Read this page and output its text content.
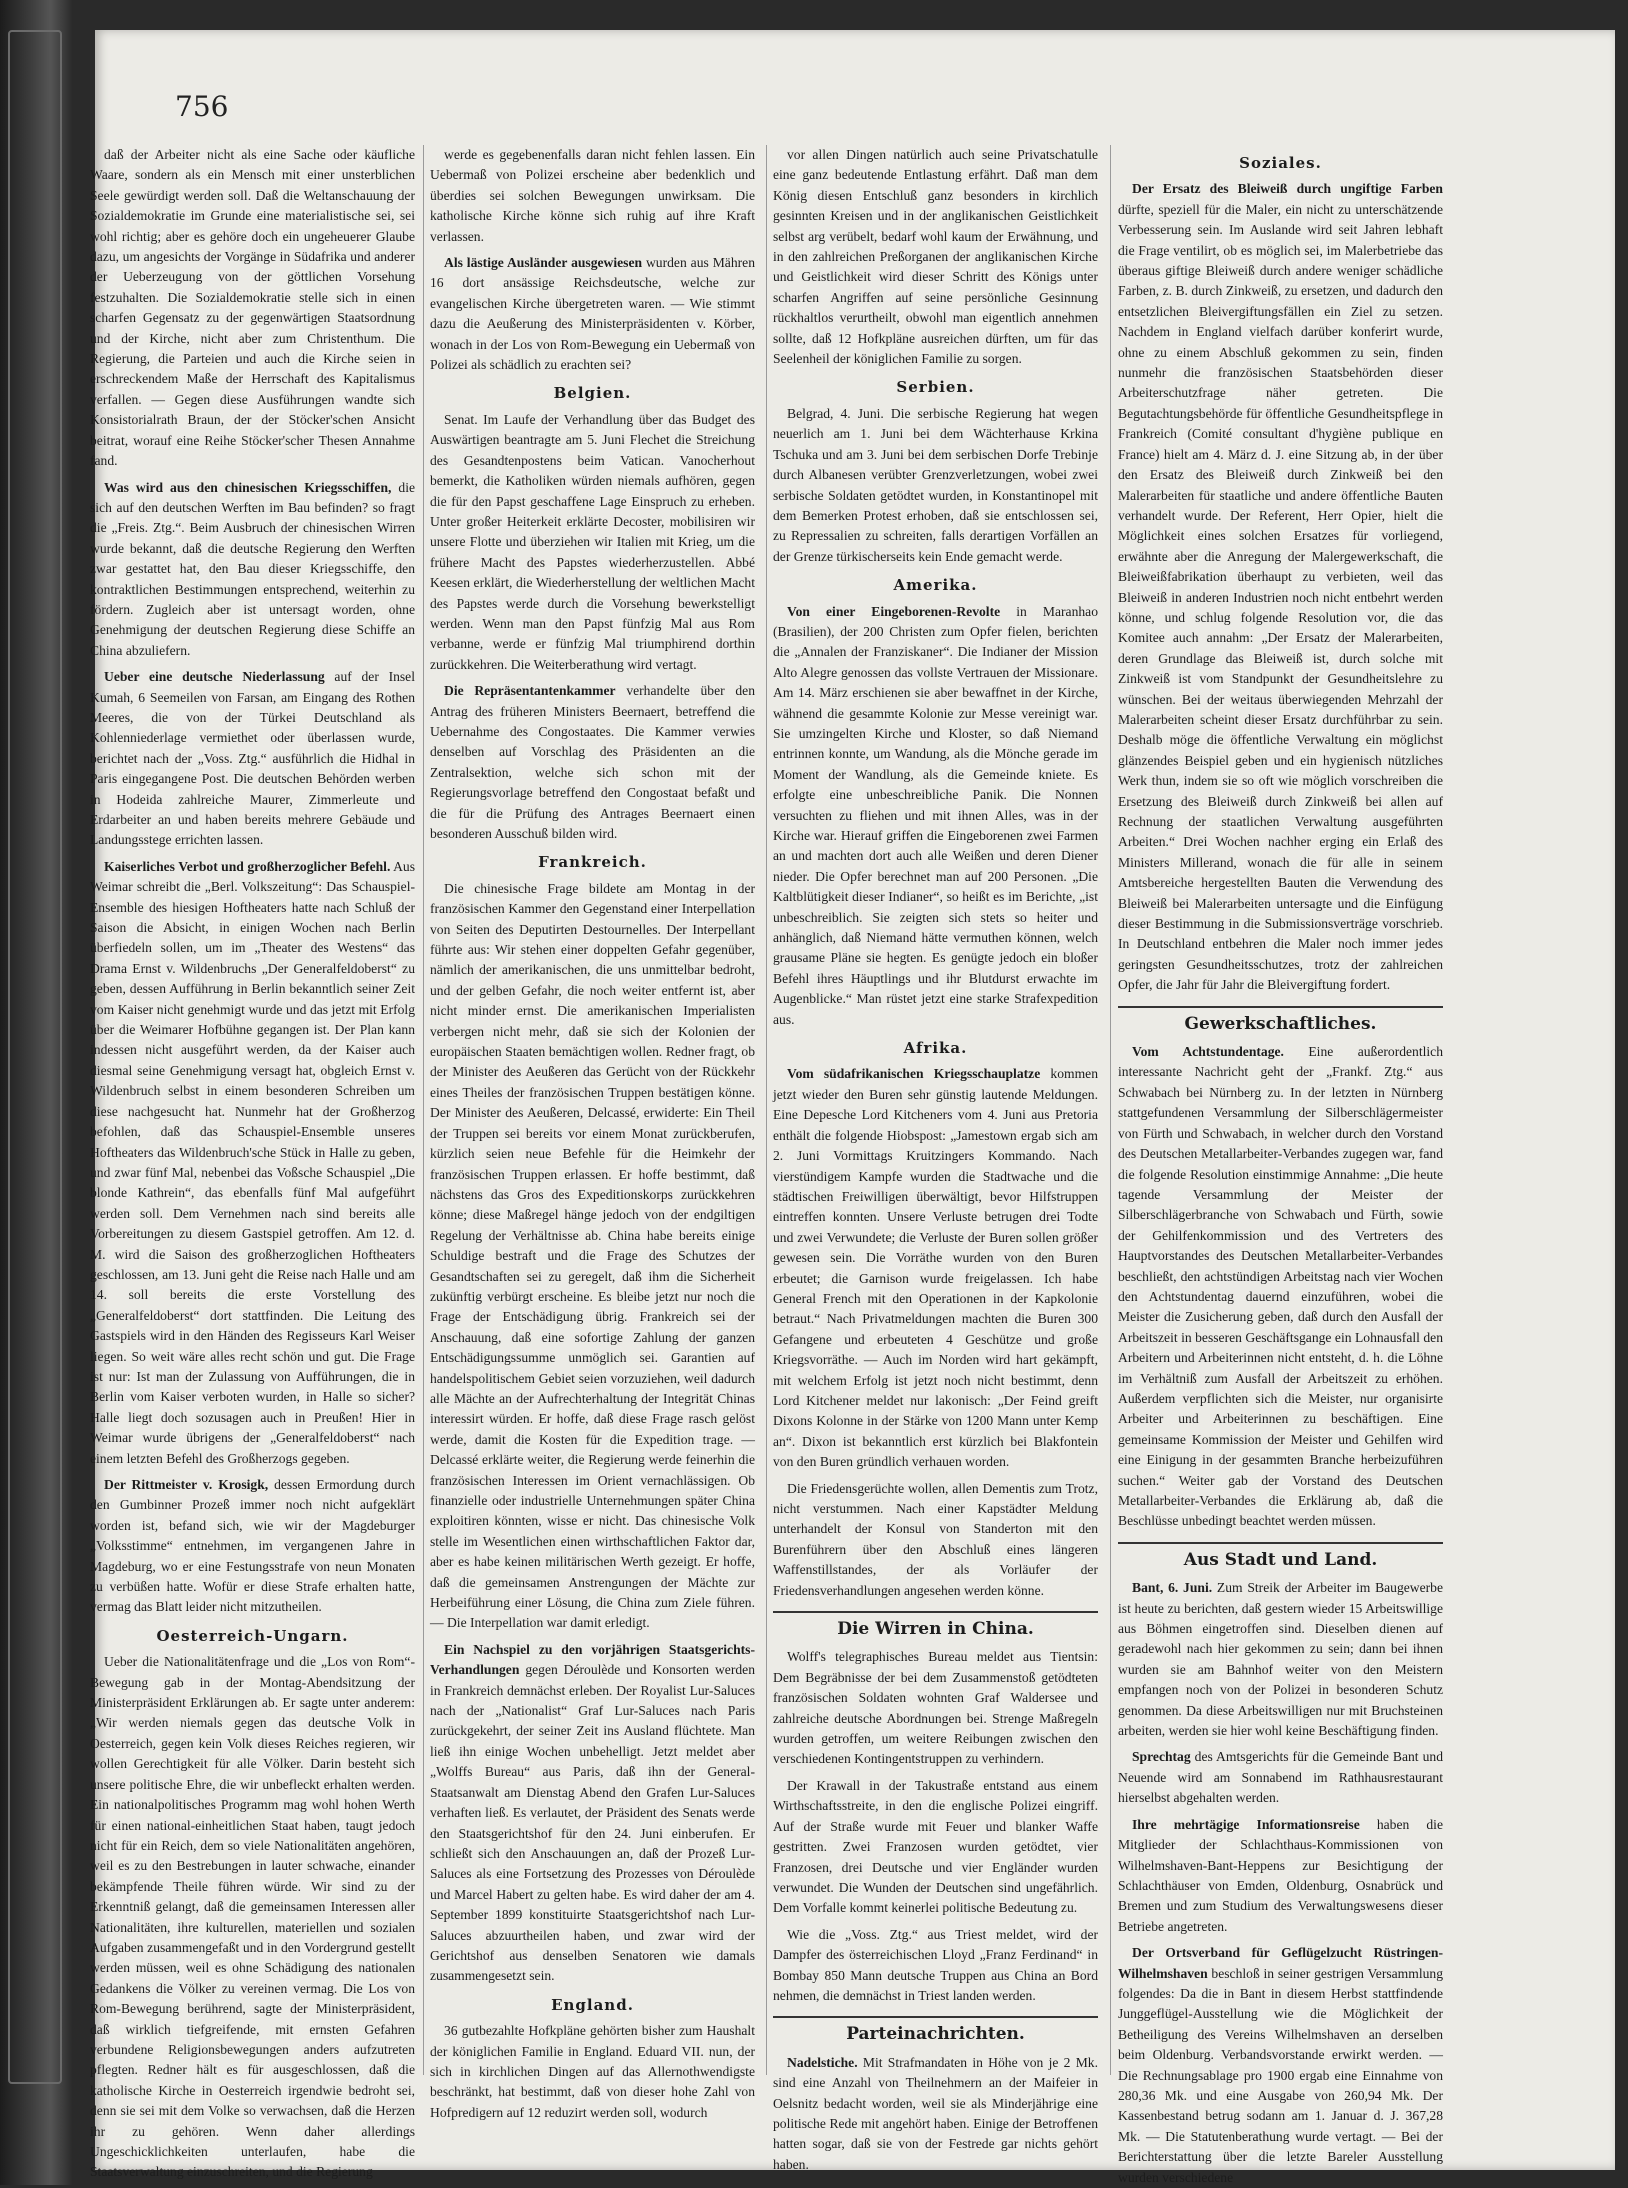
756

daß der Arbeiter nicht als eine Sache oder käufliche Waare, sondern als ein Mensch mit einer unsterblichen Seele gewürdigt werden soll. Daß die Weltanschauung der Sozialdemokratie im Grunde eine materialistische sei, sei wohl richtig; aber es gehöre doch ein ungeheuerer Glaube dazu, um angesichts der Vorgänge in Südafrika und anderer der Ueberzeugung von der göttlichen Vorsehung festzuhalten. Die Sozialdemokratie stelle sich in einen scharfen Gegensatz zu der gegenwärtigen Staatsordnung und der Kirche, nicht aber zum Christenthum. Die Regierung, die Parteien und auch die Kirche seien in erschreckendem Maße der Herrschaft des Kapitalismus verfallen. — Gegen diese Ausführungen wandte sich Konsistorialrath Braun, der der Stöcker'schen Ansicht beitrat, worauf eine Reihe Stöcker'scher Thesen Annahme fand.

Was wird aus den chinesischen Kriegsschiffen, die sich auf den deutschen Werften im Bau befinden? so fragt die „Freis. Ztg.“. Beim Ausbruch der chinesischen Wirren wurde bekannt, daß die deutsche Regierung den Werften zwar gestattet hat, den Bau dieser Kriegsschiffe, den kontraktlichen Bestimmungen entsprechend, weiterhin zu fördern. Zugleich aber ist untersagt worden, ohne Genehmigung der deutschen Regierung diese Schiffe an China abzuliefern.

Ueber eine deutsche Niederlassung auf der Insel Kumah, 6 Seemeilen von Farsan, am Eingang des Rothen Meeres, die von der Türkei Deutschland als Kohlenniederlage vermiethet oder überlassen wurde, berichtet nach der „Voss. Ztg.“ ausführlich die Hidhal in Paris eingegangene Post. Die deutschen Behörden werben in Hodeida zahlreiche Maurer, Zimmerleute und Erdarbeiter an und haben bereits mehrere Gebäude und Landungsstege errichten lassen.

Kaiserliches Verbot und großherzoglicher Befehl. Aus Weimar schreibt die „Berl. Volkszeitung“: Das Schauspiel-Ensemble des hiesigen Hoftheaters hatte nach Schluß der Saison die Absicht, in einigen Wochen nach Berlin überfiedeln sollen, um im „Theater des Westens“ das Drama Ernst v. Wildenbruchs „Der Generalfeldoberst“ zu geben, dessen Aufführung in Berlin bekanntlich seiner Zeit vom Kaiser nicht genehmigt wurde und das jetzt mit Erfolg über die Weimarer Hofbühne gegangen ist. Der Plan kann indessen nicht ausgeführt werden, da der Kaiser auch diesmal seine Genehmigung versagt hat, obgleich Ernst v. Wildenbruch selbst in einem besonderen Schreiben um diese nachgesucht hat. Nunmehr hat der Großherzog befohlen, daß das Schauspiel-Ensemble unseres Hoftheaters das Wildenbruch'sche Stück in Halle zu geben, und zwar fünf Mal, nebenbei das Voßsche Schauspiel „Die blonde Kathrein“, das ebenfalls fünf Mal aufgeführt werden soll. Dem Vernehmen nach sind bereits alle Vorbereitungen zu diesem Gastspiel getroffen. Am 12. d. M. wird die Saison des großherzoglichen Hoftheaters geschlossen, am 13. Juni geht die Reise nach Halle und am 14. soll bereits die erste Vorstellung des „Generalfeldoberst“ dort stattfinden. Die Leitung des Gastspiels wird in den Händen des Regisseurs Karl Weiser liegen. So weit wäre alles recht schön und gut. Die Frage ist nur: Ist man der Zulassung von Aufführungen, die in Berlin vom Kaiser verboten wurden, in Halle so sicher? Halle liegt doch sozusagen auch in Preußen! Hier in Weimar wurde übrigens der „Generalfeldoberst“ nach einem letzten Befehl des Großherzogs gegeben.

Der Rittmeister v. Krosigk, dessen Ermordung durch den Gumbinner Prozeß immer noch nicht aufgeklärt worden ist, befand sich, wie wir der Magdeburger „Volksstimme“ entnehmen, im vergangenen Jahre in Magdeburg, wo er eine Festungsstrafe von neun Monaten zu verbüßen hatte. Wofür er diese Strafe erhalten hatte, vermag das Blatt leider nicht mitzutheilen.

Oesterreich-Ungarn.

Ueber die Nationalitätenfrage und die „Los von Rom“-Bewegung gab in der Montag-Abendsitzung der Ministerpräsident Erklärungen ab. Er sagte unter anderem: „Wir werden niemals gegen das deutsche Volk in Oesterreich, gegen kein Volk dieses Reiches regieren, wir wollen Gerechtigkeit für alle Völker. Darin besteht sich unsere politische Ehre, die wir unbefleckt erhalten werden. Ein nationalpolitisches Programm mag wohl hohen Werth für einen national-einheitlichen Staat haben, taugt jedoch nicht für ein Reich, dem so viele Nationalitäten angehören, weil es zu den Bestrebungen in lauter schwache, einander bekämpfende Theile führen würde. Wir sind zu der Erkenntniß gelangt, daß die gemeinsamen Interessen aller Nationalitäten, ihre kulturellen, materiellen und sozialen Aufgaben zusammengefaßt und in den Vordergrund gestellt werden müssen, weil es ohne Schädigung des nationalen Gedankens die Völker zu vereinen vermag. Die Los von Rom-Bewegung berührend, sagte der Ministerpräsident, daß wirklich tiefgreifende, mit ernsten Gefahren verbundene Religionsbewegungen anders aufzutreten pflegten. Redner hält es für ausgeschlossen, daß die katholische Kirche in Oesterreich irgendwie bedroht sei, denn sie sei mit dem Volke so verwachsen, daß die Herzen ihr zu gehören. Wenn daher allerdings Ungeschicklichkeiten unterlaufen, habe die Staatsverwaltung einzuschreiten, und die Regierung

werde es gegebenenfalls daran nicht fehlen lassen. Ein Uebermaß von Polizei erscheine aber bedenklich und überdies sei solchen Bewegungen unwirksam. Die katholische Kirche könne sich ruhig auf ihre Kraft verlassen.

Als lästige Ausländer ausgewiesen wurden aus Mähren 16 dort ansässige Reichsdeutsche, welche zur evangelischen Kirche übergetreten waren. — Wie stimmt dazu die Aeußerung des Ministerpräsidenten v. Körber, wonach in der Los von Rom-Bewegung ein Uebermaß von Polizei als schädlich zu erachten sei?

Belgien.

Senat. Im Laufe der Verhandlung über das Budget des Auswärtigen beantragte am 5. Juni Flechet die Streichung des Gesandtenpostens beim Vatican. Vanocherhout bemerkt, die Katholiken würden niemals aufhören, gegen die für den Papst geschaffene Lage Einspruch zu erheben. Unter großer Heiterkeit erklärte Decoster, mobilisiren wir unsere Flotte und überziehen wir Italien mit Krieg, um die frühere Macht des Papstes wiederherzustellen. Abbé Keesen erklärt, die Wiederherstellung der weltlichen Macht des Papstes werde durch die Vorsehung bewerkstelligt werden. Wenn man den Papst fünfzig Mal aus Rom verbanne, werde er fünfzig Mal triumphirend dorthin zurückkehren. Die Weiterberathung wird vertagt.

Die Repräsentantenkammer verhandelte über den Antrag des früheren Ministers Beernaert, betreffend die Uebernahme des Congostaates. Die Kammer verwies denselben auf Vorschlag des Präsidenten an die Zentralsektion, welche sich schon mit der Regierungsvorlage betreffend den Congostaat befaßt und die für die Prüfung des Antrages Beernaert einen besonderen Ausschuß bilden wird.

Frankreich.

Die chinesische Frage bildete am Montag in der französischen Kammer den Gegenstand einer Interpellation von Seiten des Deputirten Destournelles. Der Interpellant führte aus: Wir stehen einer doppelten Gefahr gegenüber, nämlich der amerikanischen, die uns unmittelbar bedroht, und der gelben Gefahr, die noch weiter entfernt ist, aber nicht minder ernst. Die amerikanischen Imperialisten verbergen nicht mehr, daß sie sich der Kolonien der europäischen Staaten bemächtigen wollen. Redner fragt, ob der Minister des Aeußeren das Gerücht von der Rückkehr eines Theiles der französischen Truppen bestätigen könne. Der Minister des Aeußeren, Delcassé, erwiderte: Ein Theil der Truppen sei bereits vor einem Monat zurückberufen, kürzlich seien neue Befehle für die Heimkehr der französischen Truppen erlassen. Er hoffe bestimmt, daß nächstens das Gros des Expeditionskorps zurückkehren könne; diese Maßregel hänge jedoch von der endgiltigen Regelung der Verhältnisse ab. China habe bereits einige Schuldige bestraft und die Frage des Schutzes der Gesandtschaften sei zu geregelt, daß ihm die Sicherheit zukünftig verbürgt erscheine. Es bleibe jetzt nur noch die Frage der Entschädigung übrig. Frankreich sei der Anschauung, daß eine sofortige Zahlung der ganzen Entschädigungssumme unmöglich sei. Garantien auf handelspolitischem Gebiet seien vorzuziehen, weil dadurch alle Mächte an der Aufrechterhaltung der Integrität Chinas interessirt würden. Er hoffe, daß diese Frage rasch gelöst werde, damit die Kosten für die Expedition trage. — Delcassé erklärte weiter, die Regierung werde feinerhin die französischen Interessen im Orient vernachlässigen. Ob finanzielle oder industrielle Unternehmungen später China exploitiren könnten, wisse er nicht. Das chinesische Volk stelle im Wesentlichen einen wirthschaftlichen Faktor dar, aber es habe keinen militärischen Werth gezeigt. Er hoffe, daß die gemeinsamen Anstrengungen der Mächte zur Herbeiführung einer Lösung, die China zum Ziele führen. — Die Interpellation war damit erledigt.

Ein Nachspiel zu den vorjährigen Staatsgerichts-Verhandlungen gegen Déroulède und Konsorten werden in Frankreich demnächst erleben. Der Royalist Lur-Saluces nach der „Nationalist“ Graf Lur-Saluces nach Paris zurückgekehrt, der seiner Zeit ins Ausland flüchtete. Man ließ ihn einige Wochen unbehelligt. Jetzt meldet aber „Wolffs Bureau“ aus Paris, daß ihn der General-Staatsanwalt am Dienstag Abend den Grafen Lur-Saluces verhaften ließ. Es verlautet, der Präsident des Senats werde den Staatsgerichtshof für den 24. Juni einberufen. Er schließt sich den Anschauungen an, daß der Prozeß Lur-Saluces als eine Fortsetzung des Prozesses von Déroulède und Marcel Habert zu gelten habe. Es wird daher der am 4. September 1899 konstituirte Staatsgerichtshof nach Lur-Saluces abzuurtheilen haben, und zwar wird der Gerichtshof aus denselben Senatoren wie damals zusammengesetzt sein.

England.

36 gutbezahlte Hofkpläne gehörten bisher zum Haushalt der königlichen Familie in England. Eduard VII. nun, der sich in kirchlichen Dingen auf das Allernothwendigste beschränkt, hat bestimmt, daß von dieser hohe Zahl von Hofpredigern auf 12 reduzirt werden soll, wodurch

vor allen Dingen natürlich auch seine Privatschatulle eine ganz bedeutende Entlastung erfährt. Daß man dem König diesen Entschluß ganz besonders in kirchlich gesinnten Kreisen und in der anglikanischen Geistlichkeit selbst arg verübelt, bedarf wohl kaum der Erwähnung, und in den zahlreichen Preßorganen der anglikanischen Kirche und Geistlichkeit wird dieser Schritt des Königs unter scharfen Angriffen auf seine persönliche Gesinnung rückhaltlos verurtheilt, obwohl man eigentlich annehmen sollte, daß 12 Hofkpläne ausreichen dürften, um für das Seelenheil der königlichen Familie zu sorgen.

Serbien.

Belgrad, 4. Juni. Die serbische Regierung hat wegen neuerlich am 1. Juni bei dem Wächterhause Krkina Tschuka und am 3. Juni bei dem serbischen Dorfe Trebinje durch Albanesen verübter Grenzverletzungen, wobei zwei serbische Soldaten getödtet wurden, in Konstantinopel mit dem Bemerken Protest erhoben, daß sie entschlossen sei, zu Repressalien zu schreiten, falls derartigen Vorfällen an der Grenze türkischerseits kein Ende gemacht werde.

Amerika.

Von einer Eingeborenen-Revolte in Maranhao (Brasilien), der 200 Christen zum Opfer fielen, berichten die „Annalen der Franziskaner“. Die Indianer der Mission Alto Alegre genossen das vollste Vertrauen der Missionare. Am 14. März erschienen sie aber bewaffnet in der Kirche, wähnend die gesammte Kolonie zur Messe vereinigt war. Sie umzingelten Kirche und Kloster, so daß Niemand entrinnen konnte, um Wandung, als die Mönche gerade im Moment der Wandlung, als die Gemeinde kniete. Es erfolgte eine unbeschreibliche Panik. Die Nonnen versuchten zu fliehen und mit ihnen Alles, was in der Kirche war. Hierauf griffen die Eingeborenen zwei Farmen an und machten dort auch alle Weißen und deren Diener nieder. Die Opfer berechnet man auf 200 Personen. „Die Kaltblütigkeit dieser Indianer“, so heißt es im Berichte, „ist unbeschreiblich. Sie zeigten sich stets so heiter und anhänglich, daß Niemand hätte vermuthen können, welch grausame Pläne sie hegten. Es genügte jedoch ein bloßer Befehl ihres Häuptlings und ihr Blutdurst erwachte im Augenblicke.“ Man rüstet jetzt eine starke Strafexpedition aus.

Afrika.

Vom südafrikanischen Kriegsschauplatze kommen jetzt wieder den Buren sehr günstig lautende Meldungen. Eine Depesche Lord Kitcheners vom 4. Juni aus Pretoria enthält die folgende Hiobspost: „Jamestown ergab sich am 2. Juni Vormittags Kruitzingers Kommando. Nach vierstündigem Kampfe wurden die Stadtwache und die städtischen Freiwilligen überwältigt, bevor Hilfstruppen eintreffen konnten. Unsere Verluste betrugen drei Todte und zwei Verwundete; die Verluste der Buren sollen größer gewesen sein. Die Vorräthe wurden von den Buren erbeutet; die Garnison wurde freigelassen. Ich habe General French mit den Operationen in der Kapkolonie betraut.“ Nach Privatmeldungen machten die Buren 300 Gefangene und erbeuteten 4 Geschütze und große Kriegsvorräthe. — Auch im Norden wird hart gekämpft, mit welchem Erfolg ist jetzt noch nicht bestimmt, denn Lord Kitchener meldet nur lakonisch: „Der Feind greift Dixons Kolonne in der Stärke von 1200 Mann unter Kemp an“. Dixon ist bekanntlich erst kürzlich bei Blakfontein von den Buren gründlich verhauen worden.

Die Friedensgerüchte wollen, allen Dementis zum Trotz, nicht verstummen. Nach einer Kapstädter Meldung unterhandelt der Konsul von Standerton mit den Burenführern über den Abschluß eines längeren Waffenstillstandes, der als Vorläufer der Friedensverhandlungen angesehen werden könne.

Die Wirren in China.

Wolff's telegraphisches Bureau meldet aus Tientsin: Dem Begräbnisse der bei dem Zusammenstoß getödteten französischen Soldaten wohnten Graf Waldersee und zahlreiche deutsche Abordnungen bei. Strenge Maßregeln wurden getroffen, um weitere Reibungen zwischen den verschiedenen Kontingentstruppen zu verhindern.

Der Krawall in der Takustraße entstand aus einem Wirthschaftsstreite, in den die englische Polizei eingriff. Auf der Straße wurde mit Feuer und blanker Waffe gestritten. Zwei Franzosen wurden getödtet, vier Franzosen, drei Deutsche und vier Engländer wurden verwundet. Die Wunden der Deutschen sind ungefährlich. Dem Vorfalle kommt keinerlei politische Bedeutung zu.

Wie die „Voss. Ztg.“ aus Triest meldet, wird der Dampfer des österreichischen Lloyd „Franz Ferdinand“ in Bombay 850 Mann deutsche Truppen aus China an Bord nehmen, die demnächst in Triest landen werden.

Parteinachrichten.

Nadelstiche. Mit Strafmandaten in Höhe von je 2 Mk. sind eine Anzahl von Theilnehmern an der Maifeier in Oelsnitz bedacht worden, weil sie als Minderjährige eine politische Rede mit angehört haben. Einige der Betroffenen hatten sogar, daß sie von der Festrede gar nichts gehört haben.

Soziales.

Der Ersatz des Bleiweiß durch ungiftige Farben dürfte, speziell für die Maler, ein nicht zu unterschätzende Verbesserung sein. Im Auslande wird seit Jahren lebhaft die Frage ventilirt, ob es möglich sei, im Malerbetriebe das überaus giftige Bleiweiß durch andere weniger schädliche Farben, z. B. durch Zinkweiß, zu ersetzen, und dadurch den entsetzlichen Bleivergiftungsfällen ein Ziel zu setzen. Nachdem in England vielfach darüber konferirt wurde, ohne zu einem Abschluß gekommen zu sein, finden nunmehr die französischen Staatsbehörden dieser Arbeiterschutzfrage näher getreten. Die Begutachtungsbehörde für öffentliche Gesundheitspflege in Frankreich (Comité consultant d'hygiène publique en France) hielt am 4. März d. J. eine Sitzung ab, in der über den Ersatz des Bleiweiß durch Zinkweiß bei den Malerarbeiten für staatliche und andere öffentliche Bauten verhandelt wurde. Der Referent, Herr Opier, hielt die Möglichkeit eines solchen Ersatzes für vorliegend, erwähnte aber die Anregung der Malergewerkschaft, die Bleiweißfabrikation überhaupt zu verbieten, weil das Bleiweiß in anderen Industrien noch nicht entbehrt werden könne, und schlug folgende Resolution vor, die das Komitee auch annahm: „Der Ersatz der Malerarbeiten, deren Grundlage das Bleiweiß ist, durch solche mit Zinkweiß ist vom Standpunkt der Gesundheitslehre zu wünschen. Bei der weitaus überwiegenden Mehrzahl der Malerarbeiten scheint dieser Ersatz durchführbar zu sein. Deshalb möge die öffentliche Verwaltung ein möglichst glänzendes Beispiel geben und ein hygienisch nützliches Werk thun, indem sie so oft wie möglich vorschreiben die Ersetzung des Bleiweiß durch Zinkweiß bei allen auf Rechnung der staatlichen Verwaltung ausgeführten Arbeiten.“ Drei Wochen nachher erging ein Erlaß des Ministers Millerand, wonach die für alle in seinem Amtsbereiche hergestellten Bauten die Verwendung des Bleiweiß bei Malerarbeiten untersagte und die Einfügung dieser Bestimmung in die Submissionsverträge vorschrieb. In Deutschland entbehren die Maler noch immer jedes geringsten Gesundheitsschutzes, trotz der zahlreichen Opfer, die Jahr für Jahr die Bleivergiftung fordert.

Gewerkschaftliches.

Vom Achtstundentage. Eine außerordentlich interessante Nachricht geht der „Frankf. Ztg.“ aus Schwabach bei Nürnberg zu. In der letzten in Nürnberg stattgefundenen Versammlung der Silberschlägermeister von Fürth und Schwabach, in welcher durch den Vorstand des Deutschen Metallarbeiter-Verbandes zugegen war, fand die folgende Resolution einstimmige Annahme: „Die heute tagende Versammlung der Meister der Silberschlägerbranche von Schwabach und Fürth, sowie der Gehilfenkommission und des Vertreters des Hauptvorstandes des Deutschen Metallarbeiter-Verbandes beschließt, den achtstündigen Arbeitstag nach vier Wochen den Achtstundentag dauernd einzuführen, wobei die Meister die Zusicherung geben, daß durch den Ausfall der Arbeitszeit in besseren Geschäftsgange ein Lohnausfall den Arbeitern und Arbeiterinnen nicht entsteht, d. h. die Löhne im Verhältniß zum Ausfall der Arbeitszeit zu erhöhen. Außerdem verpflichten sich die Meister, nur organisirte Arbeiter und Arbeiterinnen zu beschäftigen. Eine gemeinsame Kommission der Meister und Gehilfen wird eine Einigung in der gesammten Branche herbeizuführen suchen.“ Weiter gab der Vorstand des Deutschen Metallarbeiter-Verbandes die Erklärung ab, daß die Beschlüsse unbedingt beachtet werden müssen.

Aus Stadt und Land.

Bant, 6. Juni. Zum Streik der Arbeiter im Baugewerbe ist heute zu berichten, daß gestern wieder 15 Arbeitswillige aus Böhmen eingetroffen sind. Dieselben dienen auf geradewohl nach hier gekommen zu sein; dann bei ihnen wurden sie am Bahnhof weiter von den Meistern empfangen noch von der Polizei in besonderen Schutz genommen. Da diese Arbeitswilligen nur mit Bruchsteinen arbeiten, werden sie hier wohl keine Beschäftigung finden.

Sprechtag des Amtsgerichts für die Gemeinde Bant und Neuende wird am Sonnabend im Rathhausrestaurant hierselbst abgehalten werden.

Ihre mehrtägige Informationsreise haben die Mitglieder der Schlachthaus-Kommissionen von Wilhelmshaven-Bant-Heppens zur Besichtigung der Schlachthäuser von Emden, Oldenburg, Osnabrück und Bremen und zum Studium des Verwaltungswesens dieser Betriebe angetreten.

Der Ortsverband für Geflügelzucht Rüstringen-Wilhelmshaven beschloß in seiner gestrigen Versammlung folgendes: Da die in Bant in diesem Herbst stattfindende Junggeflügel-Ausstellung wie die Möglichkeit der Betheiligung des Vereins Wilhelmshaven an derselben beim Oldenburg. Verbandsvorstande erwirkt werden. — Die Rechnungsablage pro 1900 ergab eine Einnahme von 280,36 Mk. und eine Ausgabe von 260,94 Mk. Der Kassenbestand betrug sodann am 1. Januar d. J. 367,28 Mk. — Die Statutenberathung wurde vertagt. — Bei der Berichterstattung über die letzte Bareler Ausstellung wurden verschiedene
